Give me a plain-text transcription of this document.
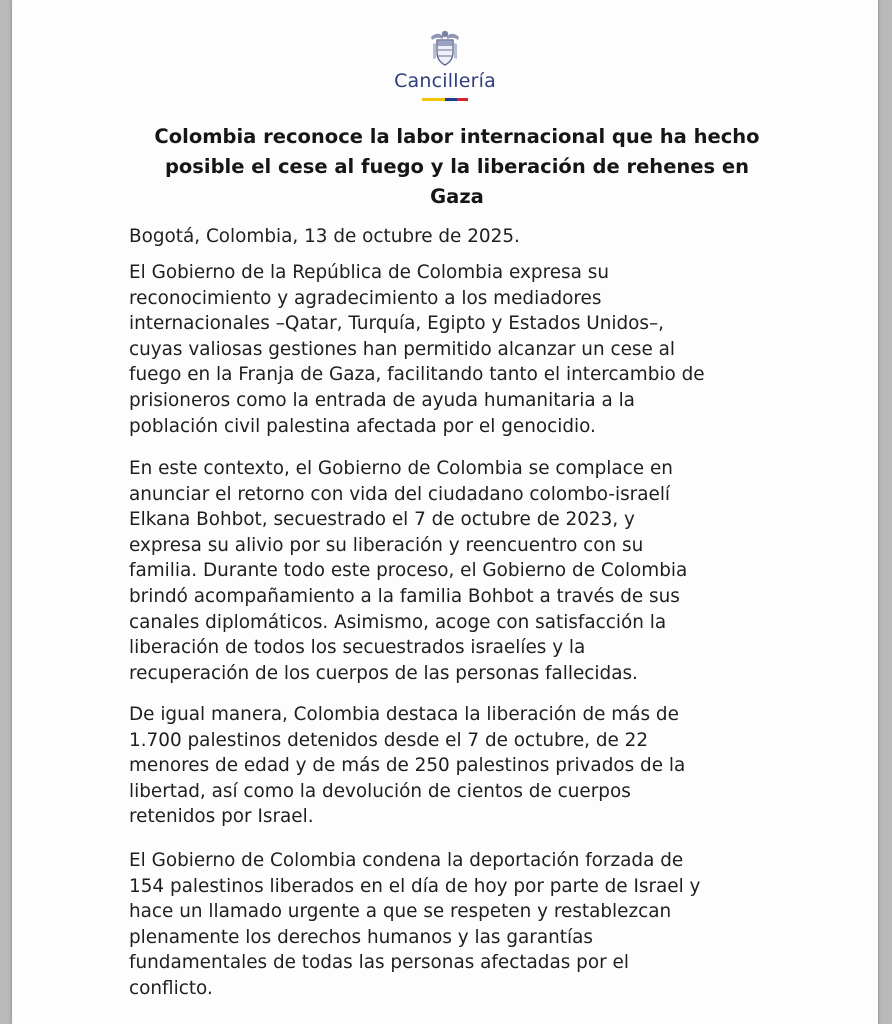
Cancillería
Colombia reconoce la labor internacional que ha hecho
posible el cese al fuego y la liberación de rehenes en
Gaza

Bogotá, Colombia, 13 de octubre de 2025.

El Gobierno de la República de Colombia expresa su
reconocimiento y agradecimiento a los mediadores
internacionales –Qatar, Turquía, Egipto y Estados Unidos–,
cuyas valiosas gestiones han permitido alcanzar un cese al
fuego en la Franja de Gaza, facilitando tanto el intercambio de
prisioneros como la entrada de ayuda humanitaria a la
población civil palestina afectada por el genocidio.

En este contexto, el Gobierno de Colombia se complace en
anunciar el retorno con vida del ciudadano colombo-israelí
Elkana Bohbot, secuestrado el 7 de octubre de 2023, y
expresa su alivio por su liberación y reencuentro con su
familia. Durante todo este proceso, el Gobierno de Colombia
brindó acompañamiento a la familia Bohbot a través de sus
canales diplomáticos. Asimismo, acoge con satisfacción la
liberación de todos los secuestrados israelíes y la
recuperación de los cuerpos de las personas fallecidas.

De igual manera, Colombia destaca la liberación de más de
1.700 palestinos detenidos desde el 7 de octubre, de 22
menores de edad y de más de 250 palestinos privados de la
libertad, así como la devolución de cientos de cuerpos
retenidos por Israel.

El Gobierno de Colombia condena la deportación forzada de
154 palestinos liberados en el día de hoy por parte de Israel y
hace un llamado urgente a que se respeten y restablezcan
plenamente los derechos humanos y las garantías
fundamentales de todas las personas afectadas por el
conflicto.
